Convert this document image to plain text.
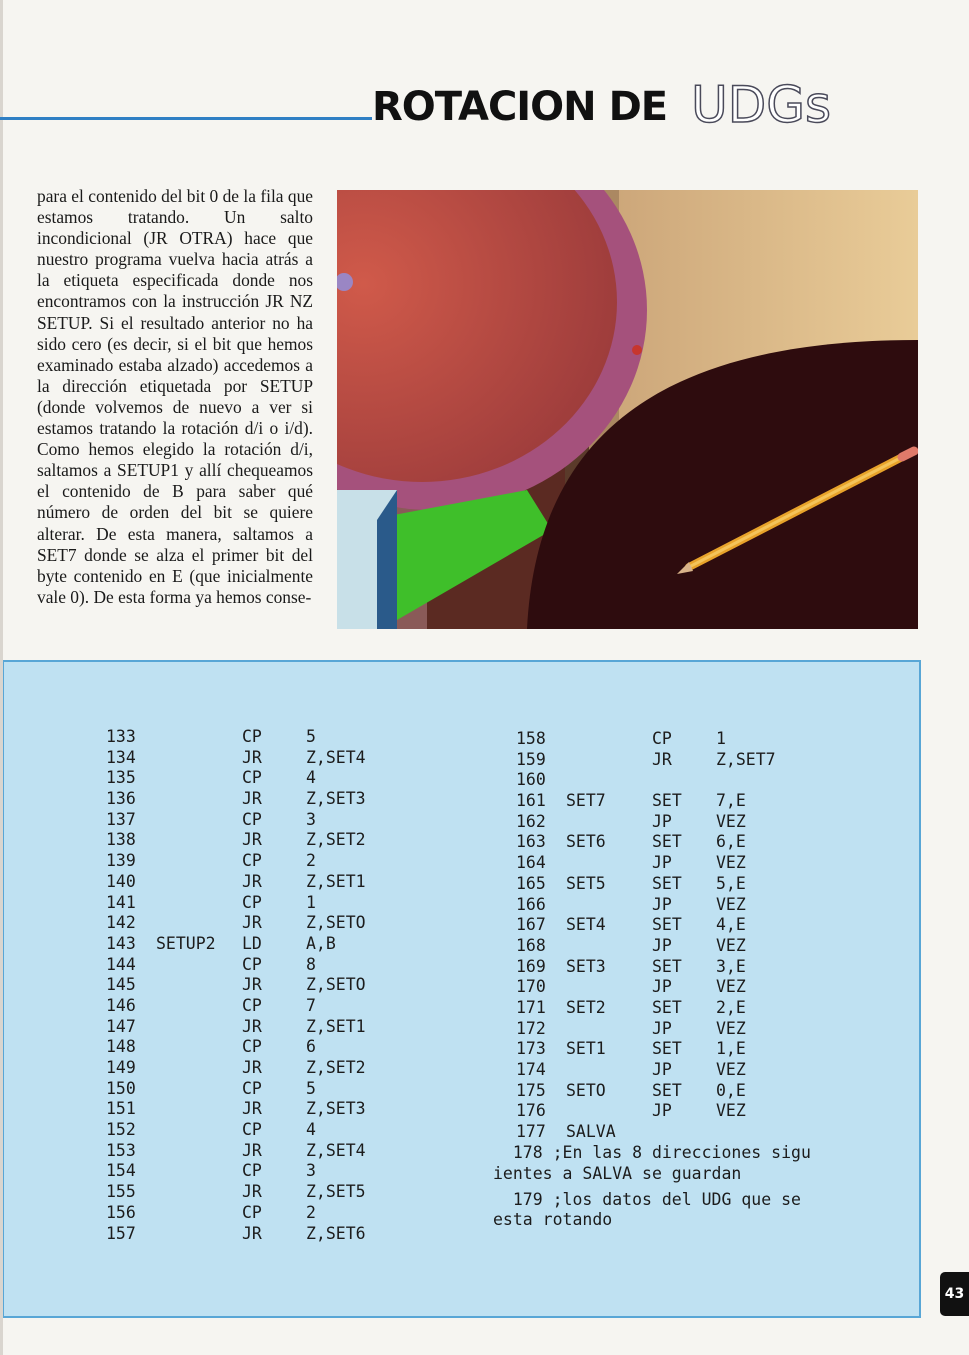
ROTACION DE UDGs
para el contenido del bit 0 de la fila que estamos tratando. Un salto incondicional (JR OTRA) hace que nuestro programa vuelva hacia atrás a la etiqueta especificada donde nos encontramos con la instrucción JR NZ SETUP. Si el resultado anterior no ha sido cero (es decir, si el bit que hemos examinado estaba alzado) accedemos a la dirección etiquetada por SETUP (donde volvemos de nuevo a ver si estamos tratando la rotación d/i o i/d). Como hemos elegido la rotación d/i, saltamos a SETUP1 y allí chequeamos el contenido de B para saber qué número de orden del bit se quiere alterar. De esta manera, saltamos a SET7 donde se alza el primer bit del byte contenido en E (que inicialmente vale 0). De esta forma ya hemos conse-
133	CP	5
134	JR	Z,SET4
135	CP	4
136	JR	Z,SET3
137	CP	3
138	JR	Z,SET2
139	CP	2
140	JR	Z,SET1
141	CP	1
142	JR	Z,SETO
143 SETUP2 LD	A,B
144	CP	8
145	JR	Z,SETO
146	CP	7
147	JR	Z,SET1
148	CP	6
149	JR	Z,SET2
150	CP	5
151	JR	Z,SET3
152	CP	4
153	JR	Z,SET4
154	CP	3
155	JR	Z,SET5
156	CP	2
157	JR	Z,SET6
158	CP	1
159	JR	Z,SET7
160
161 SET7	SET 7,E
162	JP	VEZ
163 SET6	SET 6,E
164	JP	VEZ
165 SET5	SET 5,E
166	JP	VEZ
167 SET4	SET 4,E
168	JP	VEZ
169 SET3	SET 3,E
170	JP	VEZ
171 SET2	SET 2,E
172	JP	VEZ
173 SET1	SET 1,E
174	JP	VEZ
175 SETO	SET 0,E
176	JP	VEZ
177 SALVA
178 ;En las 8 direcciones sigu
ientes a SALVA se guardan
179 ;los datos del UDG que se
esta rotando
43
